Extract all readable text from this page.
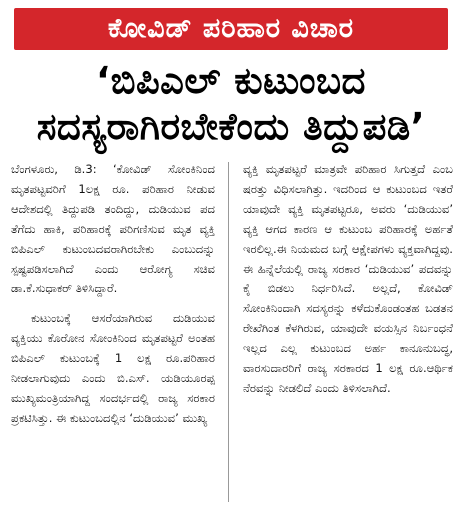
ಕೋವಿಡ್ ಪರಿಹಾರ ವಿಚಾರ
‘ಬಿಪಿಎಲ್ ಕುಟುಂಬದ
ಸದಸ್ಯರಾಗಿರಬೇಕೆಂದು ತಿದ್ದುಪಡಿ’

ಬೆಂಗಳೂರು, ಡಿ.3: ‘ಕೋವಿಡ್ ಸೋಂಕಿನಿಂದ ಮೃತಪಟ್ಟವರಿಗೆ 1ಲಕ್ಷ ರೂ. ಪರಿಹಾರ ನೀಡುವ ಆದೇಶದಲ್ಲಿ ತಿದ್ದುಪಡಿ ತಂದಿದ್ದು, ದುಡಿಯುವ ಪದ ತೆಗೆದು ಹಾಕಿ, ಪರಿಹಾರಕ್ಕೆ ಪರಿಗಣಿಸುವ ಮೃತ ವ್ಯಕ್ತಿ ಬಿಪಿಎಲ್ ಕುಟುಂಬದವರಾಗಿರಬೇಕು ಎಂಬುದನ್ನು ಸ್ಪಷ್ಟಪಡಿಸಲಾಗಿದೆ ಎಂದು ಆರೋಗ್ಯ ಸಚಿವ ಡಾ.ಕೆ.ಸುಧಾಕರ್ ತಿಳಿಸಿದ್ದಾರೆ.

ಕುಟುಂಬಕ್ಕೆ ಆಸರೆಯಾಗಿರುವ ದುಡಿಯುವ ವ್ಯಕ್ತಿಯು ಕೊರೋನ ಸೋಂಕಿನಿಂದ ಮೃತಪಟ್ಟರೆ ಅಂತಹ ಬಿಪಿಎಲ್ ಕುಟುಂಬಕ್ಕೆ 1 ಲಕ್ಷ ರೂ.ಪರಿಹಾರ ನೀಡಲಾಗುವುದು ಎಂದು ಬಿ.ಎಸ್. ಯಡಿಯೂರಪ್ಪ ಮುಖ್ಯಮಂತ್ರಿಯಾಗಿದ್ದ ಸಂದರ್ಭದಲ್ಲಿ ರಾಜ್ಯ ಸರಕಾರ ಪ್ರಕಟಿಸಿತ್ತು. ಈ ಕುಟುಂಬದಲ್ಲಿನ ‘ದುಡಿಯುವ’ ಮುಖ್ಯ

ವ್ಯಕ್ತಿ ಮೃತಪಟ್ಟರೆ ಮಾತ್ರವೇ ಪರಿಹಾರ ಸಿಗುತ್ತದೆ ಎಂಬ ಷರತ್ತು ವಿಧಿಸಲಾಗಿತ್ತು. ಇದರಿಂದ ಆ ಕುಟುಂಬದ ಇತರೆ ಯಾವುದೇ ವ್ಯಕ್ತಿ ಮೃತಪಟ್ಟರೂ, ಅವರು ‘ದುಡಿಯುವ’ ವ್ಯಕ್ತಿ ಆಗದ ಕಾರಣ ಆ ಕುಟುಂಬ ಪರಿಹಾರಕ್ಕೆ ಅರ್ಹತೆ ಇರಲಿಲ್ಲ.ಈ ನಿಯಮದ ಬಗ್ಗೆ ಆಕ್ಷೇಪಗಳು ವ್ಯಕ್ತವಾಗಿದ್ದವು. ಈ ಹಿನ್ನೆಲೆಯಲ್ಲಿ ರಾಜ್ಯ ಸರಕಾರ ‘ದುಡಿಯುವ’ ಪದವನ್ನು ಕೈ ಬಿಡಲು ನಿರ್ಧರಿಸಿದೆ. ಅಲ್ಲದೆ, ಕೋವಿಡ್ ಸೋಂಕಿನಿಂದಾಗಿ ಸದಸ್ಯರನ್ನು ಕಳೆದುಕೊಂಡಂತಹ ಬಡತನ ರೇಖೆಗಿಂತ ಕೆಳಗಿರುವ, ಯಾವುದೇ ವಯಸ್ಸಿನ ನಿರ್ಬಂಧನೆ ಇಲ್ಲದ ಎಲ್ಲ ಕುಟುಂಬದ ಅರ್ಹ ಕಾನೂನುಬದ್ಧ, ವಾರಸುದಾರರಿಗೆ ರಾಜ್ಯ ಸರಕಾರದ 1 ಲಕ್ಷ ರೂ.ಆರ್ಥಿಕ ನೆರವನ್ನು ನೀಡಲಿದೆ ಎಂದು ತಿಳಿಸಲಾಗಿದೆ.
